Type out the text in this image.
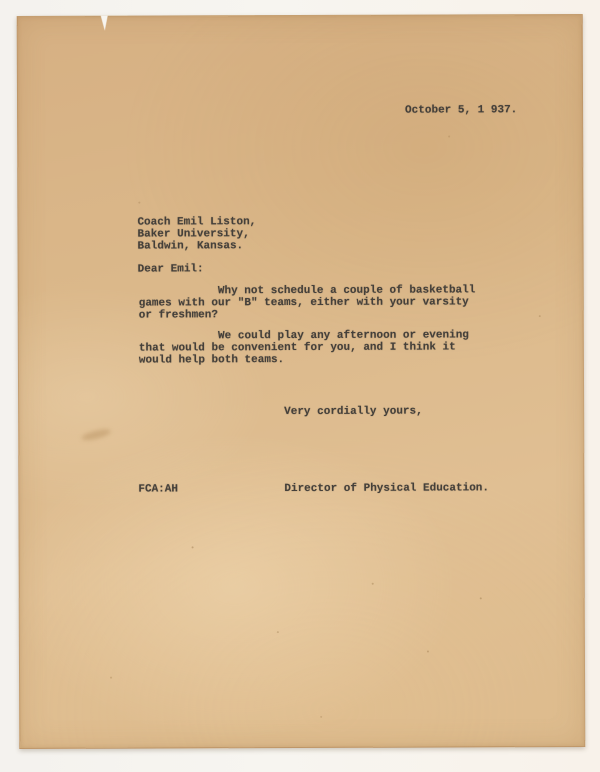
October 5, 1 937.
Coach Emil Liston,
Baker University,
Baldwin, Kansas.
Dear Emil:
Why not schedule a couple of basketball
games with our "B" teams, either with your varsity
or freshmen?
We could play any afternoon or evening
that would be convenient for you, and I think it
would help both teams.
Very cordially yours,
FCA:AH	Director of Physical Education.
